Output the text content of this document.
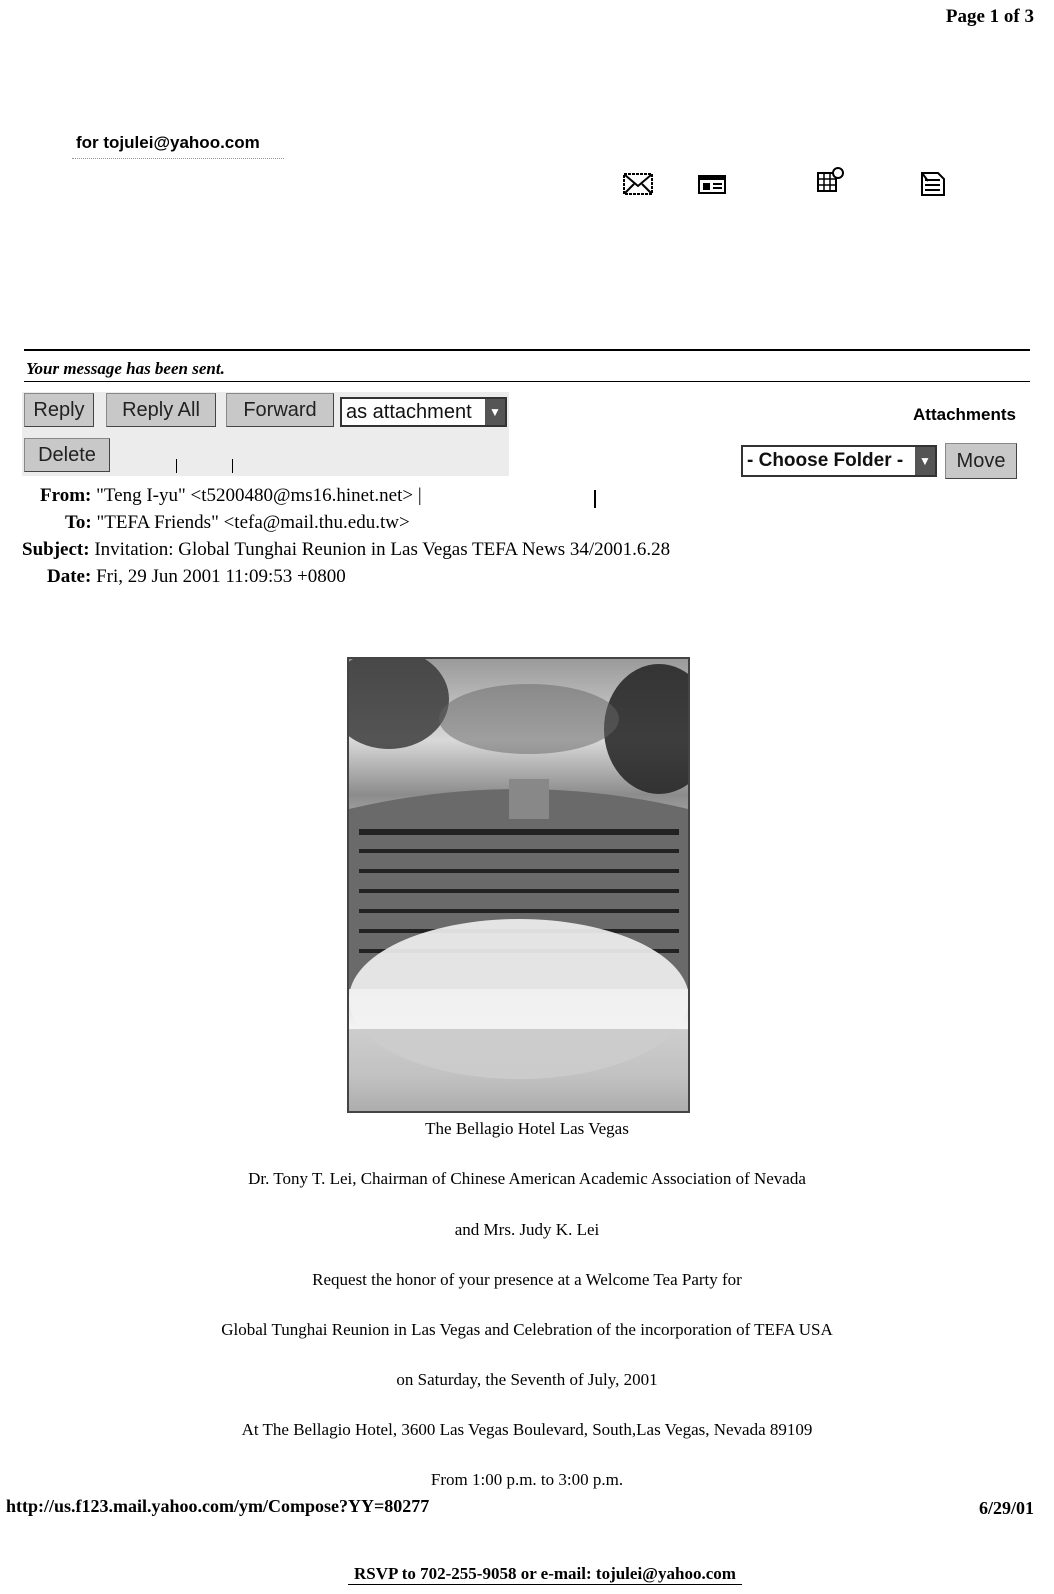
Page 1 of 3
for tojulei@yahoo.com
Your message has been sent.
Reply	Reply All	Forward	as attachment	▼
Delete
Attachments
- Choose Folder -	▼	Move
From: "Teng I-yu" <t5200480@ms16.hinet.net> |
To: "TEFA Friends" <tefa@mail.thu.edu.tw>
Subject: Invitation: Global Tunghai Reunion in Las Vegas TEFA News 34/2001.6.28
Date: Fri, 29 Jun 2001 11:09:53 +0800
The Bellagio Hotel Las Vegas
Dr. Tony T. Lei, Chairman of Chinese American Academic Association of Nevada
and Mrs. Judy K. Lei
Request the honor of your presence at a Welcome Tea Party for
Global Tunghai Reunion in Las Vegas and Celebration of the incorporation of TEFA USA
on Saturday, the Seventh of July, 2001
At The Bellagio Hotel, 3600 Las Vegas Boulevard, South,Las Vegas, Nevada 89109
From 1:00 p.m. to 3:00 p.m.
http://us.f123.mail.yahoo.com/ym/Compose?YY=80277	6/29/01
RSVP to 702-255-9058 or e-mail: tojulei@yahoo.com
